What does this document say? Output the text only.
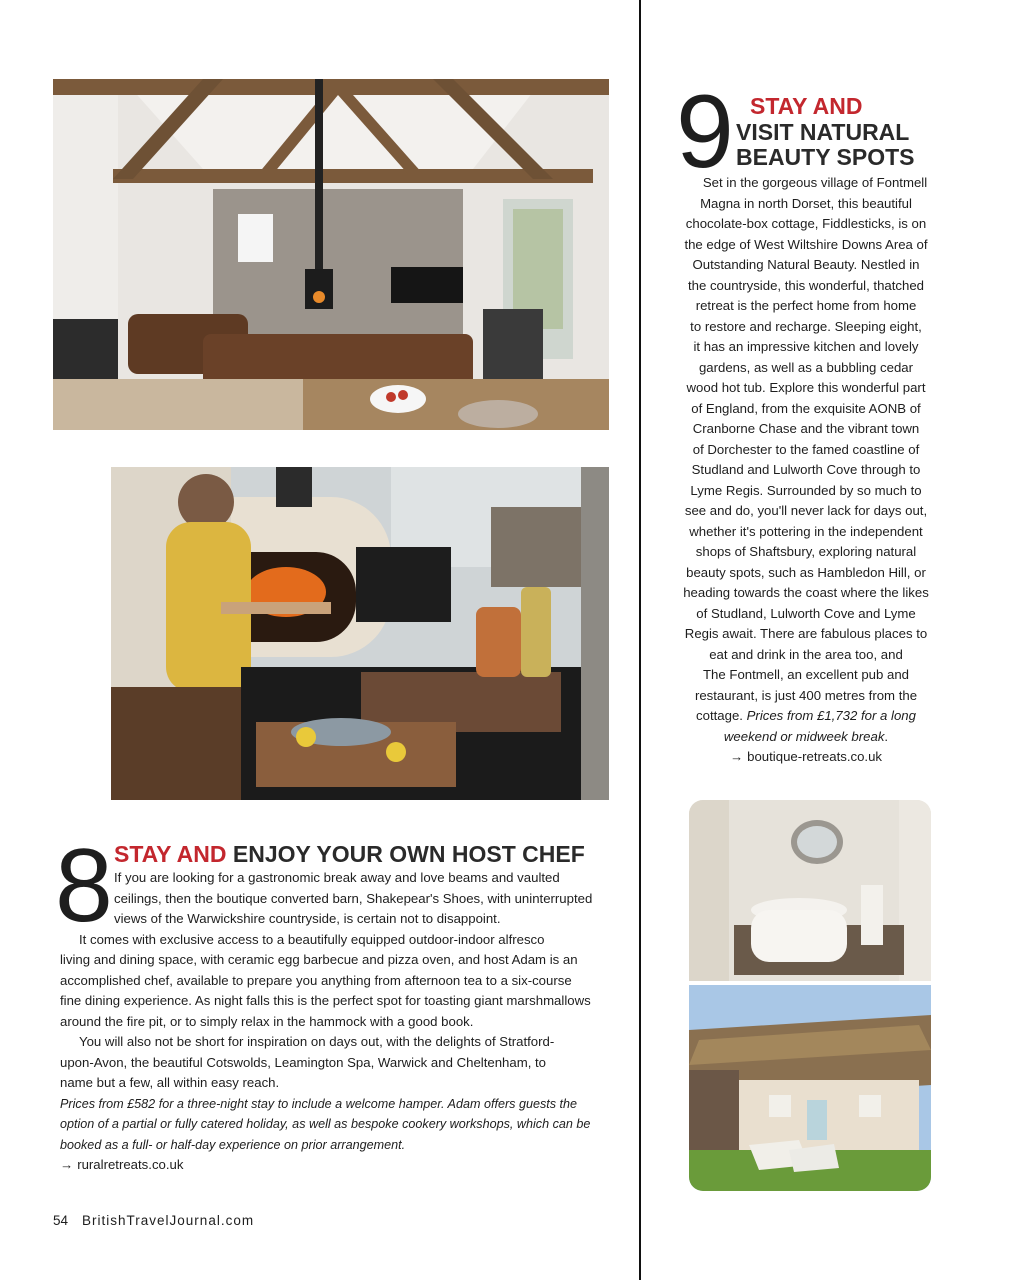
9 STAY AND
VISIT NATURAL
BEAUTY SPOTS

Set in the gorgeous village of Fontmell

Magna in north Dorset, this beautiful

chocolate-box cottage, Fiddlesticks, is on

the edge of West Wiltshire Downs Area of

Outstanding Natural Beauty. Nestled in

the countryside, this wonderful, thatched

retreat is the perfect home from home

to restore and recharge. Sleeping eight,

it has an impressive kitchen and lovely

gardens, as well as a bubbling cedar

wood hot tub. Explore this wonderful part

of England, from the exquisite AONB of

Cranborne Chase and the vibrant town

of Dorchester to the famed coastline of

Studland and Lulworth Cove through to

Lyme Regis. Surrounded by so much to

see and do, you'll never lack for days out,

whether it's pottering in the independent

shops of Shaftsbury, exploring natural

beauty spots, such as Hambledon Hill, or

heading towards the coast where the likes

of Studland, Lulworth Cove and Lyme

Regis await. There are fabulous places to

eat and drink in the area too, and

The Fontmell, an excellent pub and

restaurant, is just 400 metres from the

cottage. Prices from £1,732 for a long

weekend or midweek break.

→ boutique-retreats.co.uk

8 STAY AND ENJOY YOUR OWN HOST CHEF
If you are looking for a gastronomic break away and love beams and vaulted
ceilings, then the boutique converted barn, Shakepear's Shoes, with uninterrupted
views of the Warwickshire countryside, is certain not to disappoint.
It comes with exclusive access to a beautifully equipped outdoor-indoor alfresco
living and dining space, with ceramic egg barbecue and pizza oven, and host Adam is an
accomplished chef, available to prepare you anything from afternoon tea to a six-course
fine dining experience. As night falls this is the perfect spot for toasting giant marshmallows
around the fire pit, or to simply relax in the hammock with a good book.
You will also not be short for inspiration on days out, with the delights of Stratford-
upon-Avon, the beautiful Cotswolds, Leamington Spa, Warwick and Cheltenham, to
name but a few, all within easy reach.
Prices from £582 for a three-night stay to include a welcome hamper. Adam offers guests the
option of a partial or fully catered holiday, as well as bespoke cookery workshops, which can be
booked as a full- or half-day experience on prior arrangement.
→ ruralretreats.co.uk
54 BritishTravelJournal.com
